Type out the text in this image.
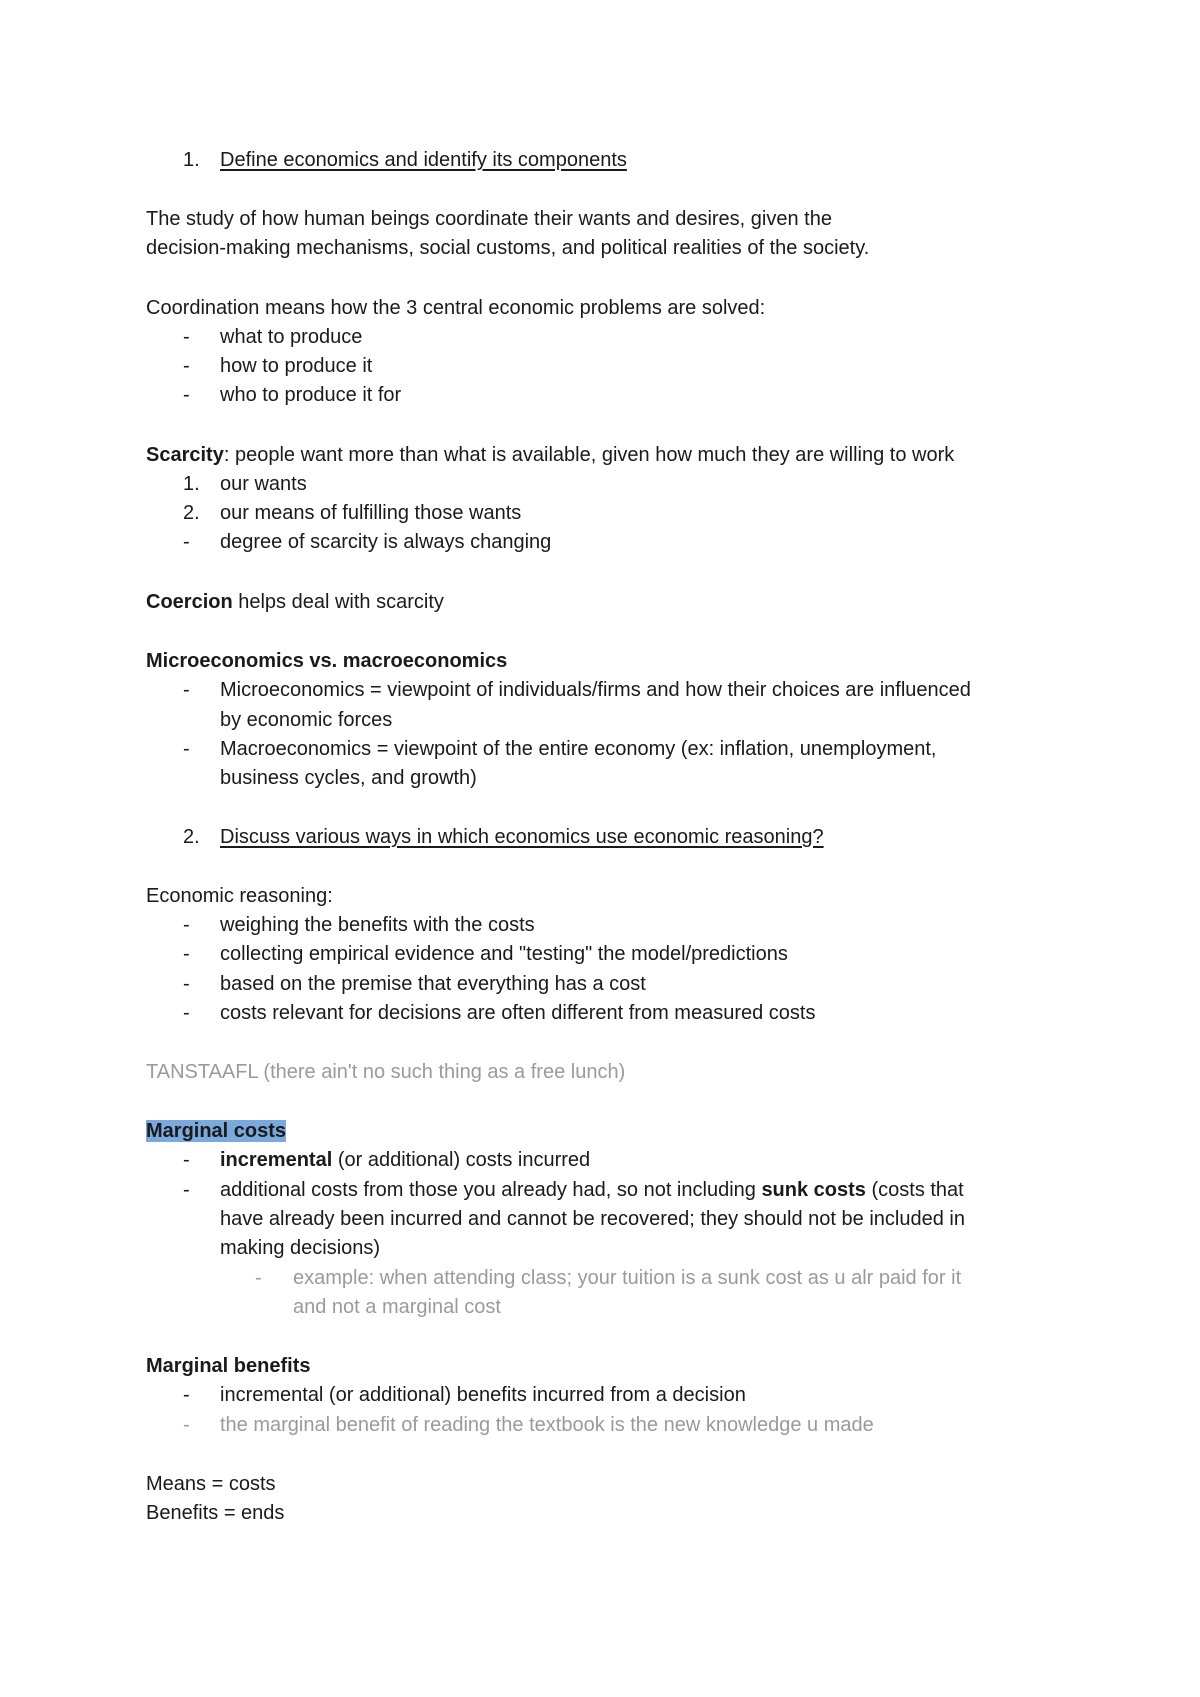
1. Define economics and identify its components
The study of how human beings coordinate their wants and desires, given the
decision-making mechanisms, social customs, and political realities of the society.
Coordination means how the 3 central economic problems are solved:
- what to produce
- how to produce it
- who to produce it for
Scarcity: people want more than what is available, given how much they are willing to work
1. our wants
2. our means of fulfilling those wants
- degree of scarcity is always changing
Coercion helps deal with scarcity
Microeconomics vs. macroeconomics
- Microeconomics = viewpoint of individuals/firms and how their choices are influenced
by economic forces
- Macroeconomics = viewpoint of the entire economy (ex: inflation, unemployment,
business cycles, and growth)
2. Discuss various ways in which economics use economic reasoning?
Economic reasoning:
- weighing the benefits with the costs
- collecting empirical evidence and "testing" the model/predictions
- based on the premise that everything has a cost
- costs relevant for decisions are often different from measured costs
TANSTAAFL (there ain't no such thing as a free lunch)
Marginal costs
- incremental (or additional) costs incurred
- additional costs from those you already had, so not including sunk costs (costs that
have already been incurred and cannot be recovered; they should not be included in
making decisions)
- example: when attending class; your tuition is a sunk cost as u alr paid for it
and not a marginal cost
Marginal benefits
- incremental (or additional) benefits incurred from a decision
- the marginal benefit of reading the textbook is the new knowledge u made
Means = costs
Benefits = ends
